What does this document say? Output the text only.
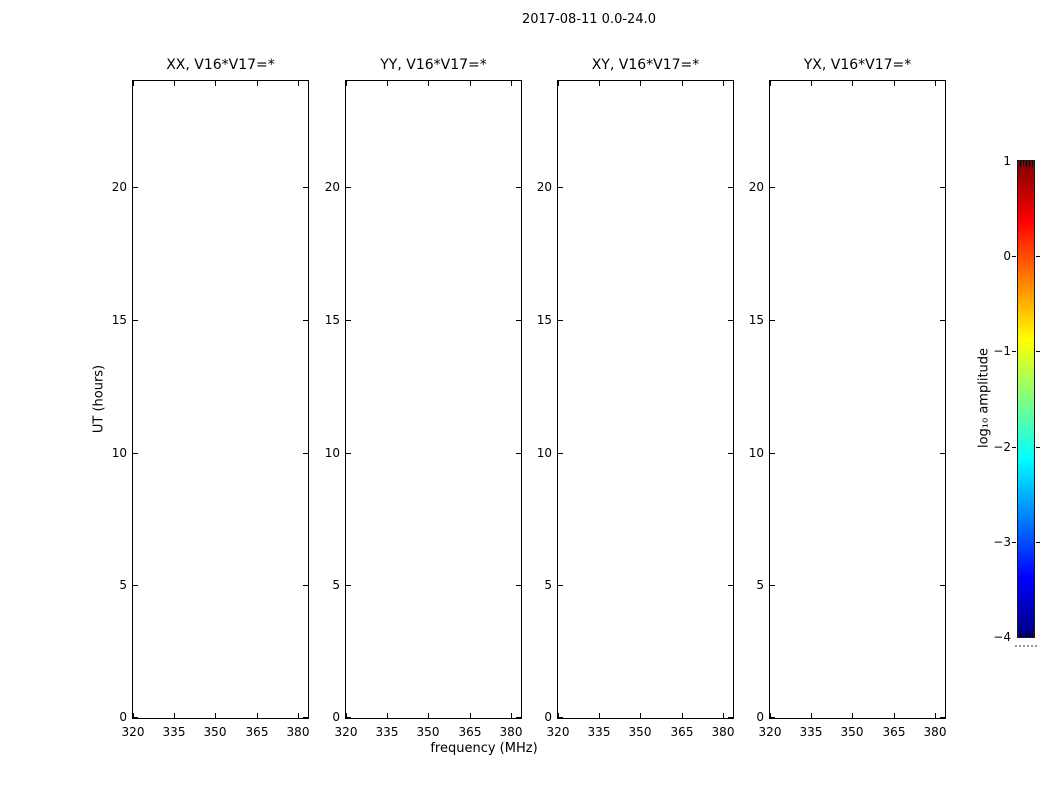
2017-08-11 0.0-24.0
XX, V16*V17=*
320	335	350	365	380
0
5
10
15
20
YY, V16*V17=*
320	335	350	365	380
0
5
10
15
20
XY, V16*V17=*
320	335	350	365	380
0
5
10
15
20
YX, V16*V17=*
320	335	350	365	380
0
5
10
15
20
frequency (MHz)
UT (hours)
1
0
−1
−2
−3
−4
log₁₀ amplitude
